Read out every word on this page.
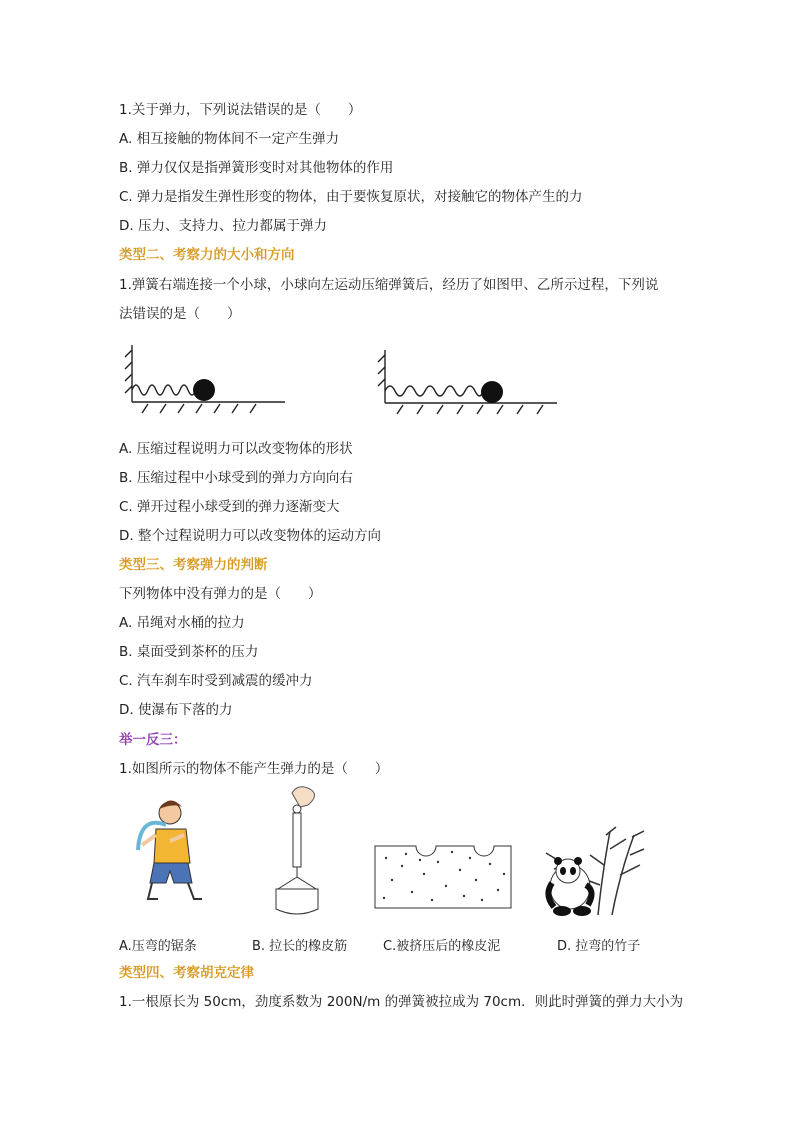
1.关于弹力，下列说法错误的是（　　）
A. 相互接触的物体间不一定产生弹力
B. 弹力仅仅是指弹簧形变时对其他物体的作用
C. 弹力是指发生弹性形变的物体，由于要恢复原状，对接触它的物体产生的力
D. 压力、支持力、拉力都属于弹力
类型二、考察力的大小和方向
1.弹簧右端连接一个小球，小球向左运动压缩弹簧后，经历了如图甲、乙所示过程，下列说
法错误的是（　　）
A. 压缩过程说明力可以改变物体的形状
B. 压缩过程中小球受到的弹力方向向右
C. 弹开过程小球受到的弹力逐渐变大
D. 整个过程说明力可以改变物体的运动方向
类型三、考察弹力的判断
下列物体中没有弹力的是（　　）
A. 吊绳对水桶的拉力
B. 桌面受到茶杯的压力
C. 汽车刹车时受到减震的缓冲力
D. 使瀑布下落的力
举一反三：
1.如图所示的物体不能产生弹力的是（　　）
A.压弯的锯条	B. 拉长的橡皮筋	C.被挤压后的橡皮泥	D. 拉弯的竹子
类型四、考察胡克定律
1.一根原长为 50cm，劲度系数为 200N/m 的弹簧被拉成为 70cm．则此时弹簧的弹力大小为
